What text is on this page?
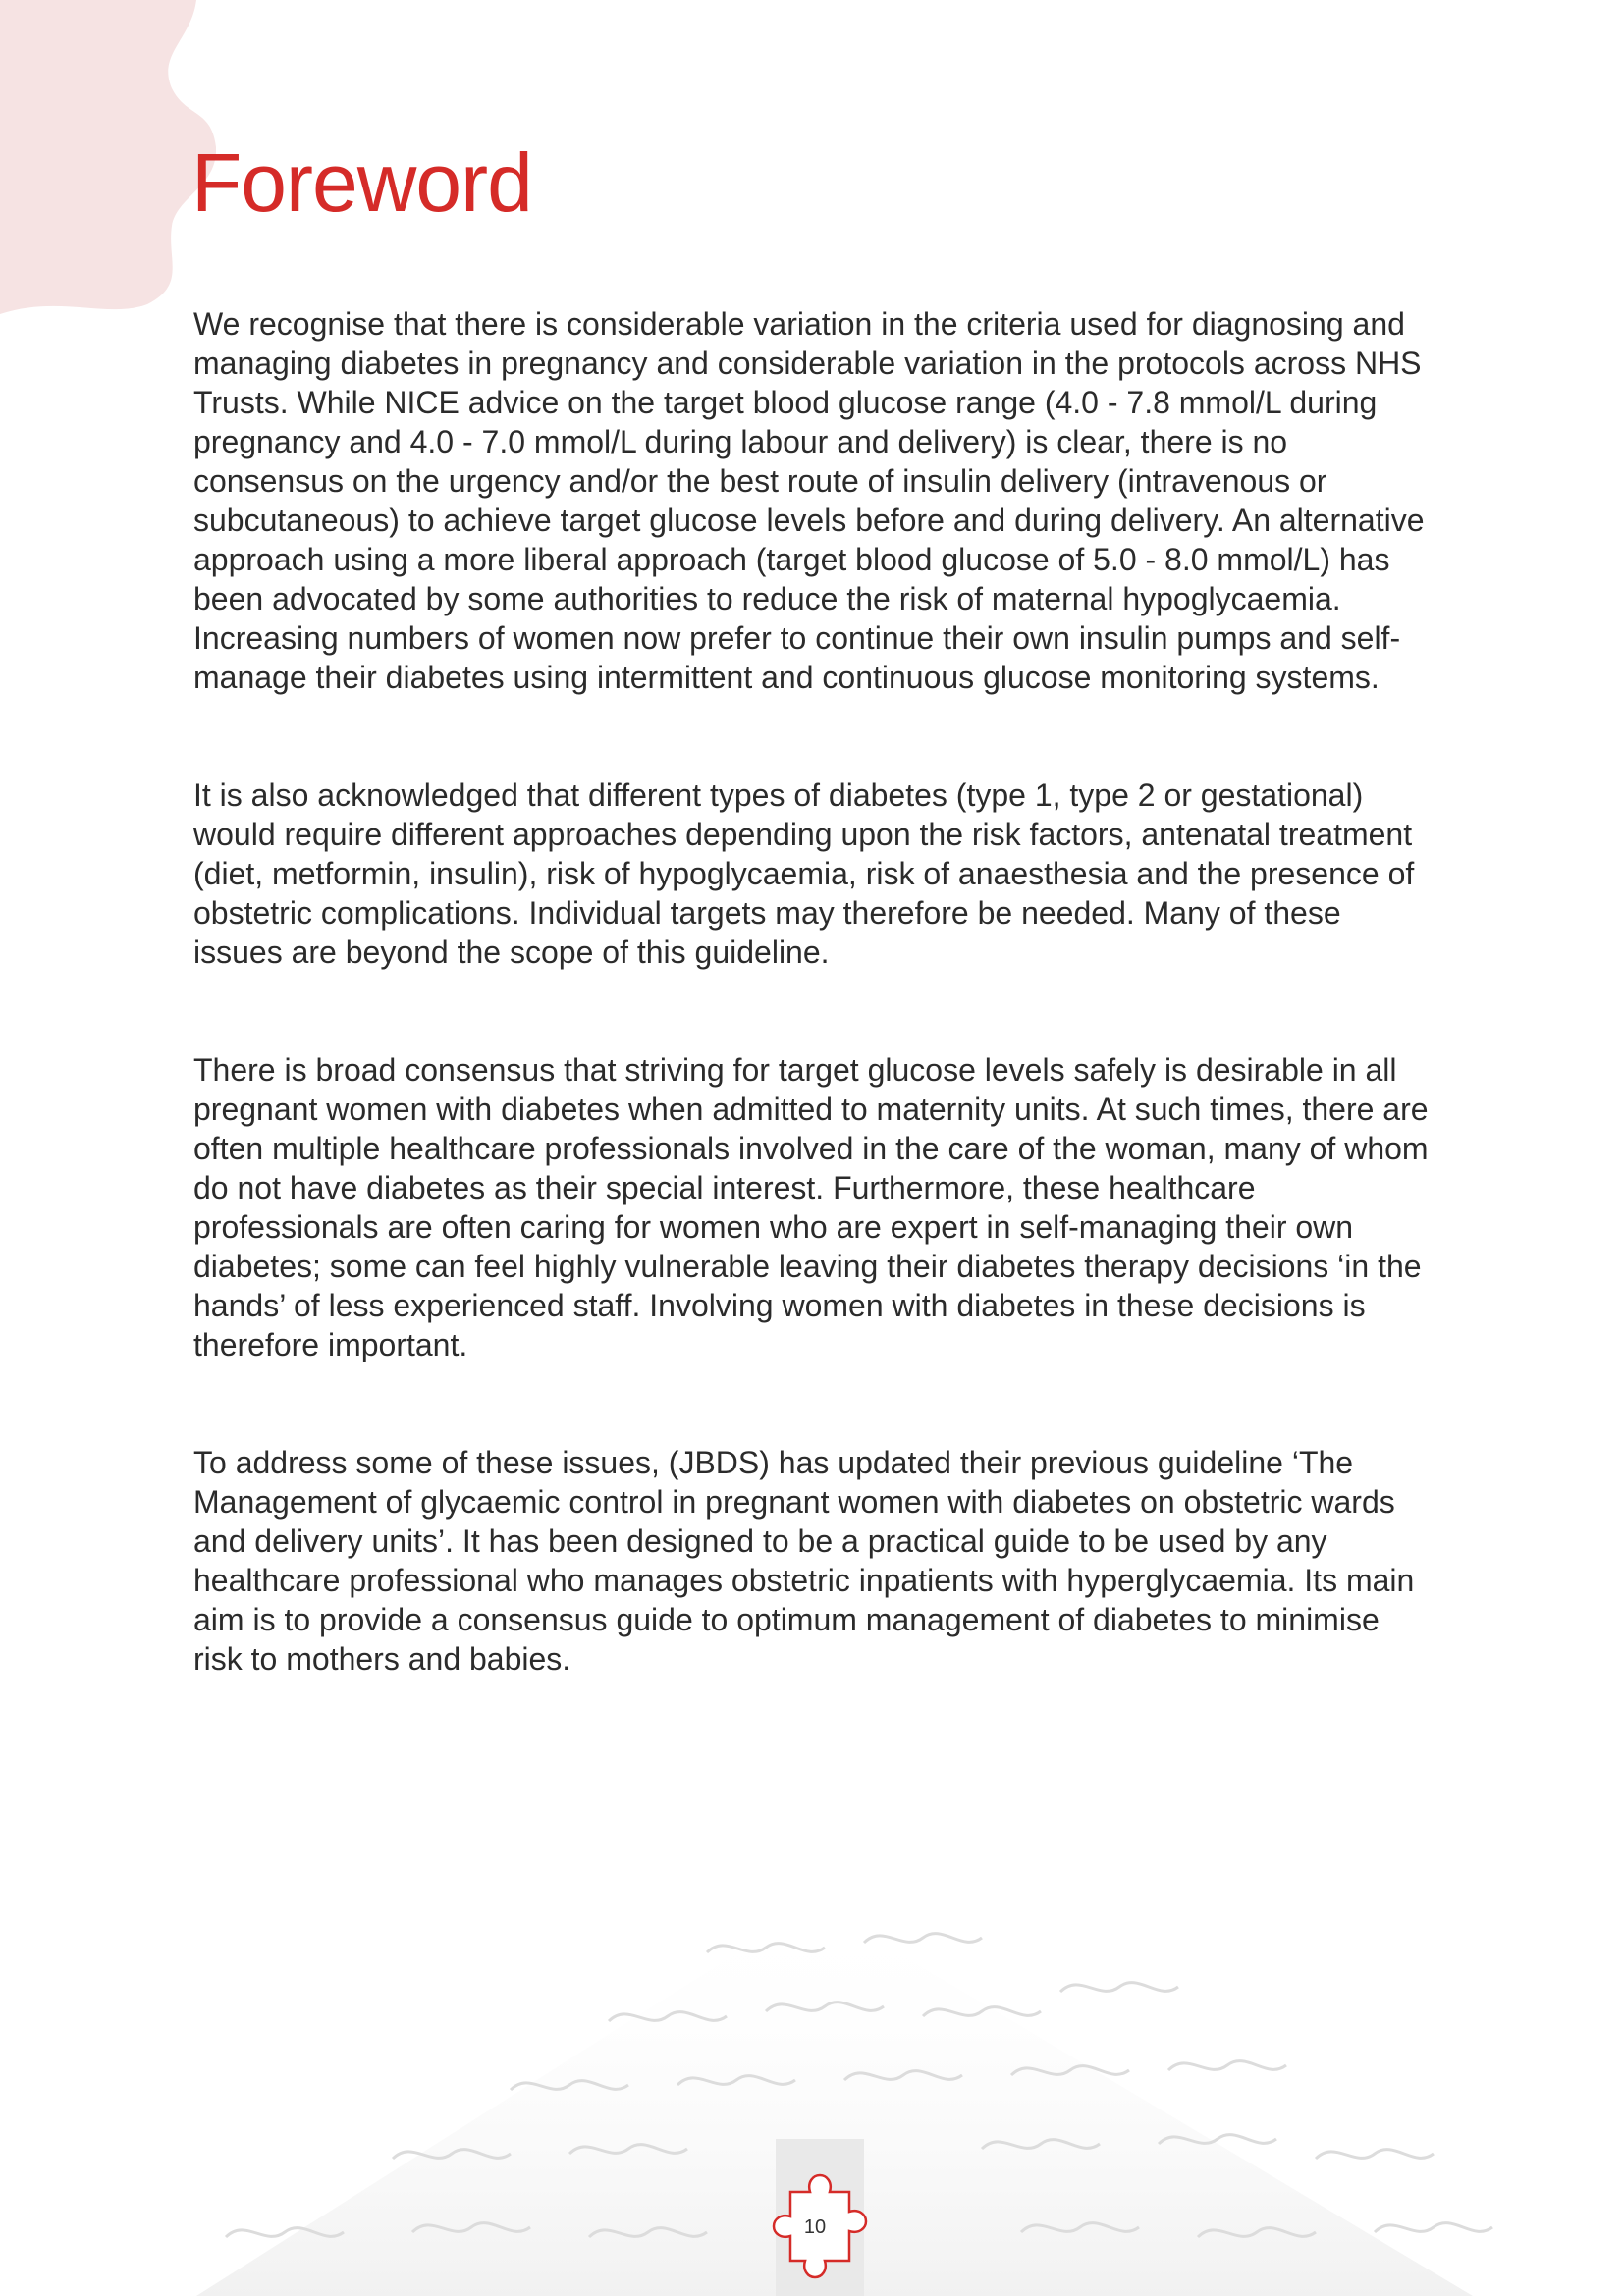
Foreword

We recognise that there is considerable variation in the criteria used for diagnosing and managing diabetes in pregnancy and considerable variation in the protocols across NHS Trusts. While NICE advice on the target blood glucose range (4.0 - 7.8 mmol/L during pregnancy and 4.0 - 7.0 mmol/L during labour and delivery) is clear, there is no consensus on the urgency and/or the best route of insulin delivery (intravenous or subcutaneous) to achieve target glucose levels before and during delivery. An alternative approach using a more liberal approach (target blood glucose of 5.0 - 8.0 mmol/L) has been advocated by some authorities to reduce the risk of maternal hypoglycaemia. Increasing numbers of women now prefer to continue their own insulin pumps and self-manage their diabetes using intermittent and continuous glucose monitoring systems.

It is also acknowledged that different types of diabetes (type 1, type 2 or gestational) would require different approaches depending upon the risk factors, antenatal treatment (diet, metformin, insulin), risk of hypoglycaemia, risk of anaesthesia and the presence of obstetric complications. Individual targets may therefore be needed. Many of these issues are beyond the scope of this guideline.

There is broad consensus that striving for target glucose levels safely is desirable in all pregnant women with diabetes when admitted to maternity units. At such times, there are often multiple healthcare professionals involved in the care of the woman, many of whom do not have diabetes as their special interest. Furthermore, these healthcare professionals are often caring for women who are expert in self-managing their own diabetes; some can feel highly vulnerable leaving their diabetes therapy decisions ‘in the hands’ of less experienced staff. Involving women with diabetes in these decisions is therefore important.

To address some of these issues, (JBDS) has updated their previous guideline ‘The Management of glycaemic control in pregnant women with diabetes on obstetric wards and delivery units’. It has been designed to be a practical guide to be used by any healthcare professional who manages obstetric inpatients with hyperglycaemia. Its main aim is to provide a consensus guide to optimum management of diabetes to minimise risk to mothers and babies.

10
